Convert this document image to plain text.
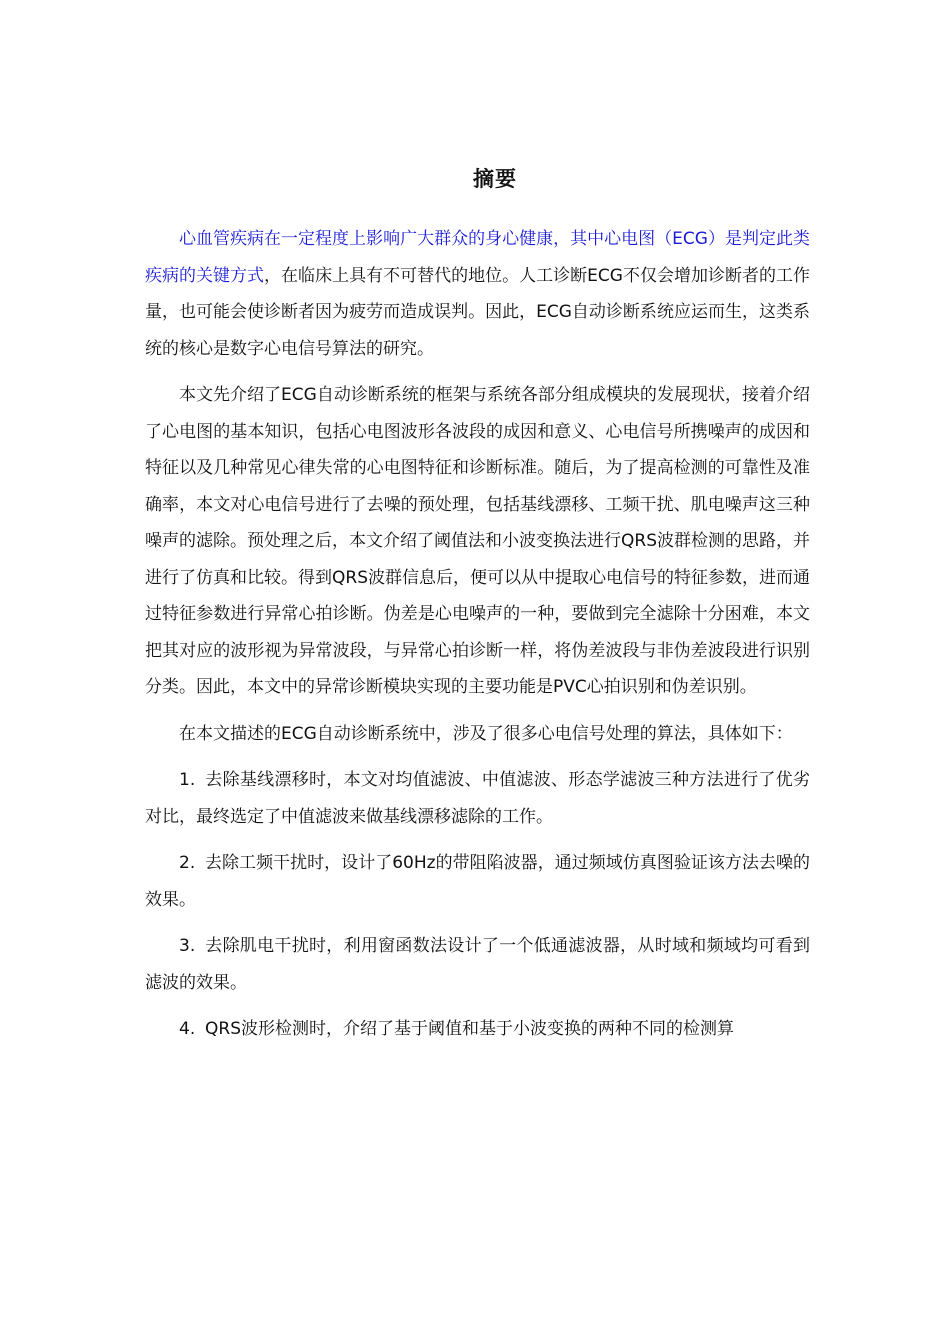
摘要

心血管疾病在一定程度上影响广大群众的身心健康，其中心电图（ECG）是判定此类疾病的关键方式，在临床上具有不可替代的地位。人工诊断ECG不仅会增加诊断者的工作量，也可能会使诊断者因为疲劳而造成误判。因此，ECG自动诊断系统应运而生，这类系统的核心是数字心电信号算法的研究。

本文先介绍了ECG自动诊断系统的框架与系统各部分组成模块的发展现状，接着介绍了心电图的基本知识，包括心电图波形各波段的成因和意义、心电信号所携噪声的成因和特征以及几种常见心律失常的心电图特征和诊断标准。随后，为了提高检测的可靠性及准确率，本文对心电信号进行了去噪的预处理，包括基线漂移、工频干扰、肌电噪声这三种噪声的滤除。预处理之后，本文介绍了阈值法和小波变换法进行QRS波群检测的思路，并进行了仿真和比较。得到QRS波群信息后，便可以从中提取心电信号的特征参数，进而通过特征参数进行异常心拍诊断。伪差是心电噪声的一种，要做到完全滤除十分困难，本文把其对应的波形视为异常波段，与异常心拍诊断一样，将伪差波段与非伪差波段进行识别分类。因此，本文中的异常诊断模块实现的主要功能是PVC心拍识别和伪差识别。

在本文描述的ECG自动诊断系统中，涉及了很多心电信号处理的算法，具体如下：

1. 去除基线漂移时，本文对均值滤波、中值滤波、形态学滤波三种方法进行了优劣对比，最终选定了中值滤波来做基线漂移滤除的工作。

2. 去除工频干扰时，设计了60Hz的带阻陷波器，通过频域仿真图验证该方法去噪的效果。

3. 去除肌电干扰时，利用窗函数法设计了一个低通滤波器，从时域和频域均可看到滤波的效果。

4. QRS波形检测时，介绍了基于阈值和基于小波变换的两种不同的检测算
